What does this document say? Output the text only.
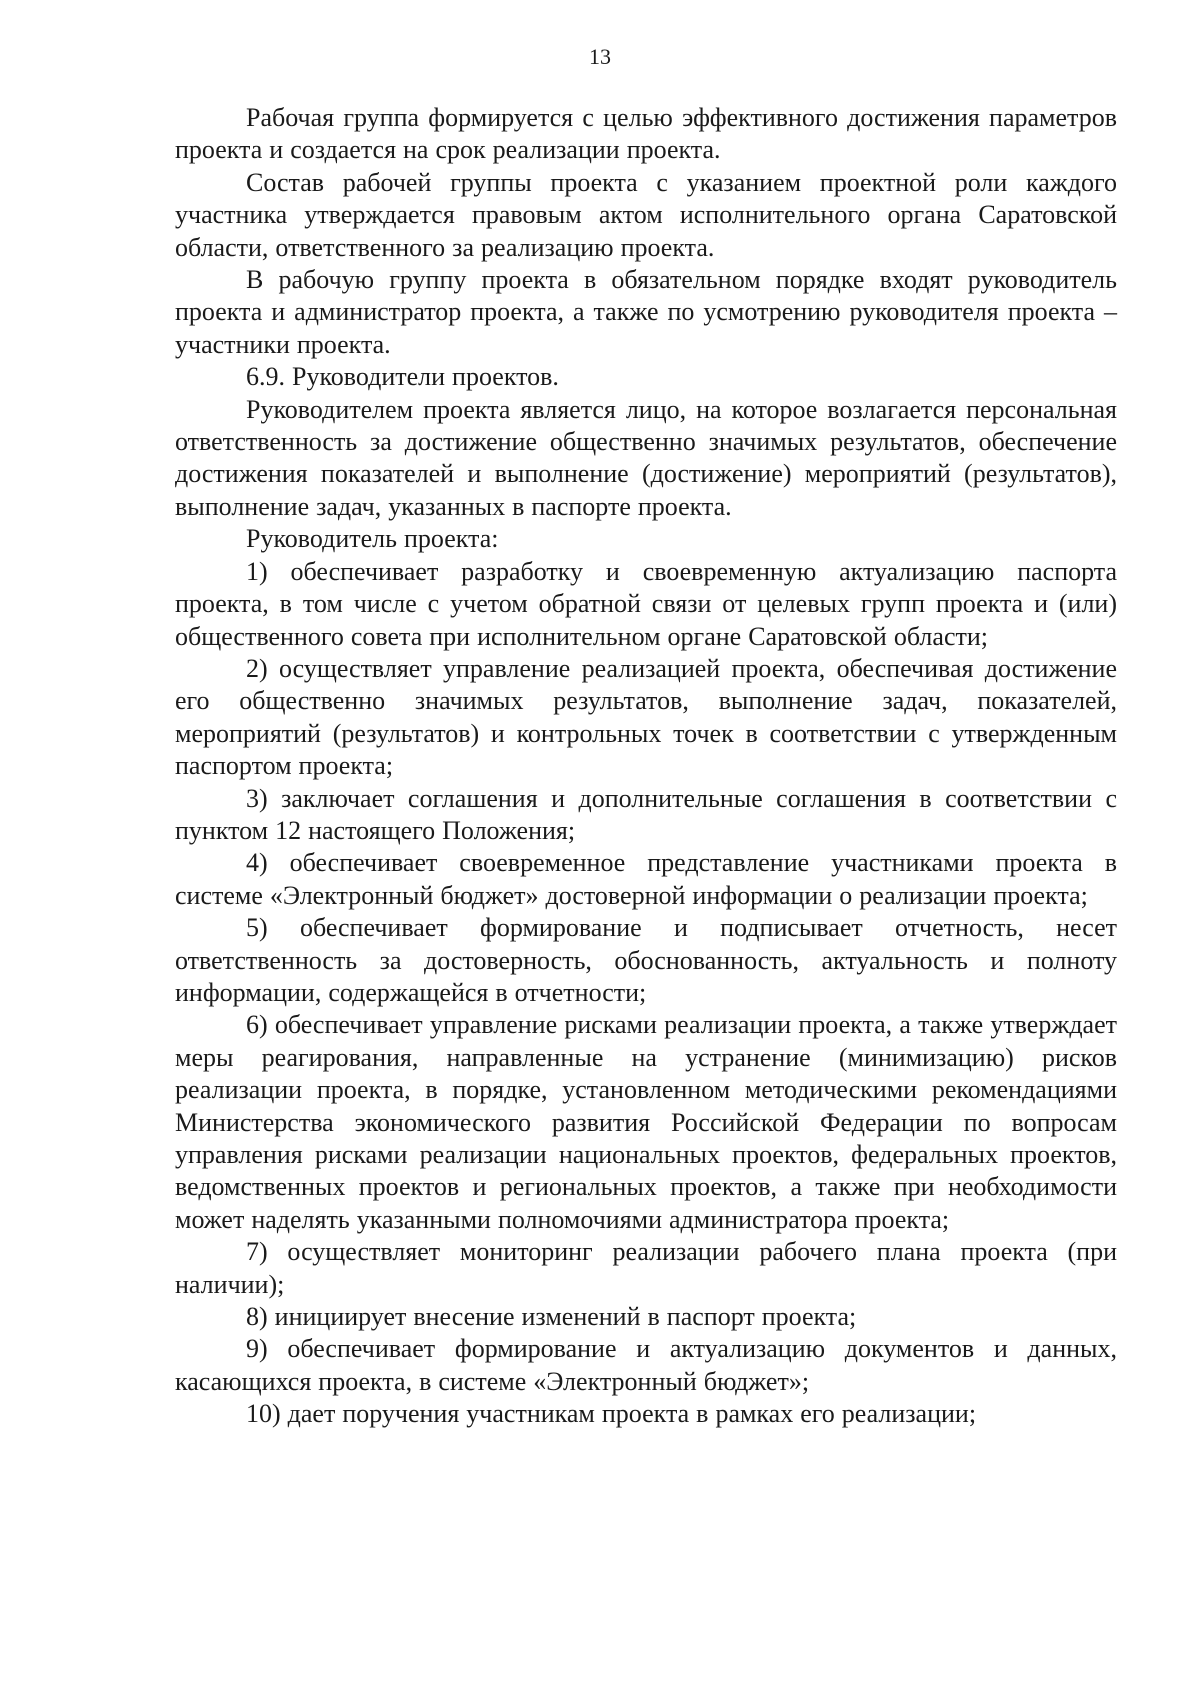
13

Рабочая группа формируется с целью эффективного достижения параметров проекта и создается на срок реализации проекта.

Состав рабочей группы проекта с указанием проектной роли каждого участника утверждается правовым актом исполнительного органа Саратовской области, ответственного за реализацию проекта.

В рабочую группу проекта в обязательном порядке входят руководитель проекта и администратор проекта, а также по усмотрению руководителя проекта – участники проекта.

6.9. Руководители проектов.

Руководителем проекта является лицо, на которое возлагается персональная ответственность за достижение общественно значимых результатов, обеспечение достижения показателей и выполнение (достижение) мероприятий (результатов), выполнение задач, указанных в паспорте проекта.

Руководитель проекта:

1) обеспечивает разработку и своевременную актуализацию паспорта проекта, в том числе с учетом обратной связи от целевых групп проекта и (или) общественного совета при исполнительном органе Саратовской области;

2) осуществляет управление реализацией проекта, обеспечивая достижение его общественно значимых результатов, выполнение задач, показателей, мероприятий (результатов) и контрольных точек в соответствии с утвержденным паспортом проекта;

3) заключает соглашения и дополнительные соглашения в соответствии с пунктом 12 настоящего Положения;

4) обеспечивает своевременное представление участниками проекта в системе «Электронный бюджет» достоверной информации о реализации проекта;

5) обеспечивает формирование и подписывает отчетность, несет ответственность за достоверность, обоснованность, актуальность и полноту информации, содержащейся в отчетности;

6) обеспечивает управление рисками реализации проекта, а также утверждает меры реагирования, направленные на устранение (минимизацию) рисков реализации проекта, в порядке, установленном методическими рекомендациями Министерства экономического развития Российской Федерации по вопросам управления рисками реализации национальных проектов, федеральных проектов, ведомственных проектов и региональных проектов, а также при необходимости может наделять указанными полномочиями администратора проекта;

7) осуществляет мониторинг реализации рабочего плана проекта (при наличии);

8) инициирует внесение изменений в паспорт проекта;

9) обеспечивает формирование и актуализацию документов и данных, касающихся проекта, в системе «Электронный бюджет»;

10) дает поручения участникам проекта в рамках его реализации;
